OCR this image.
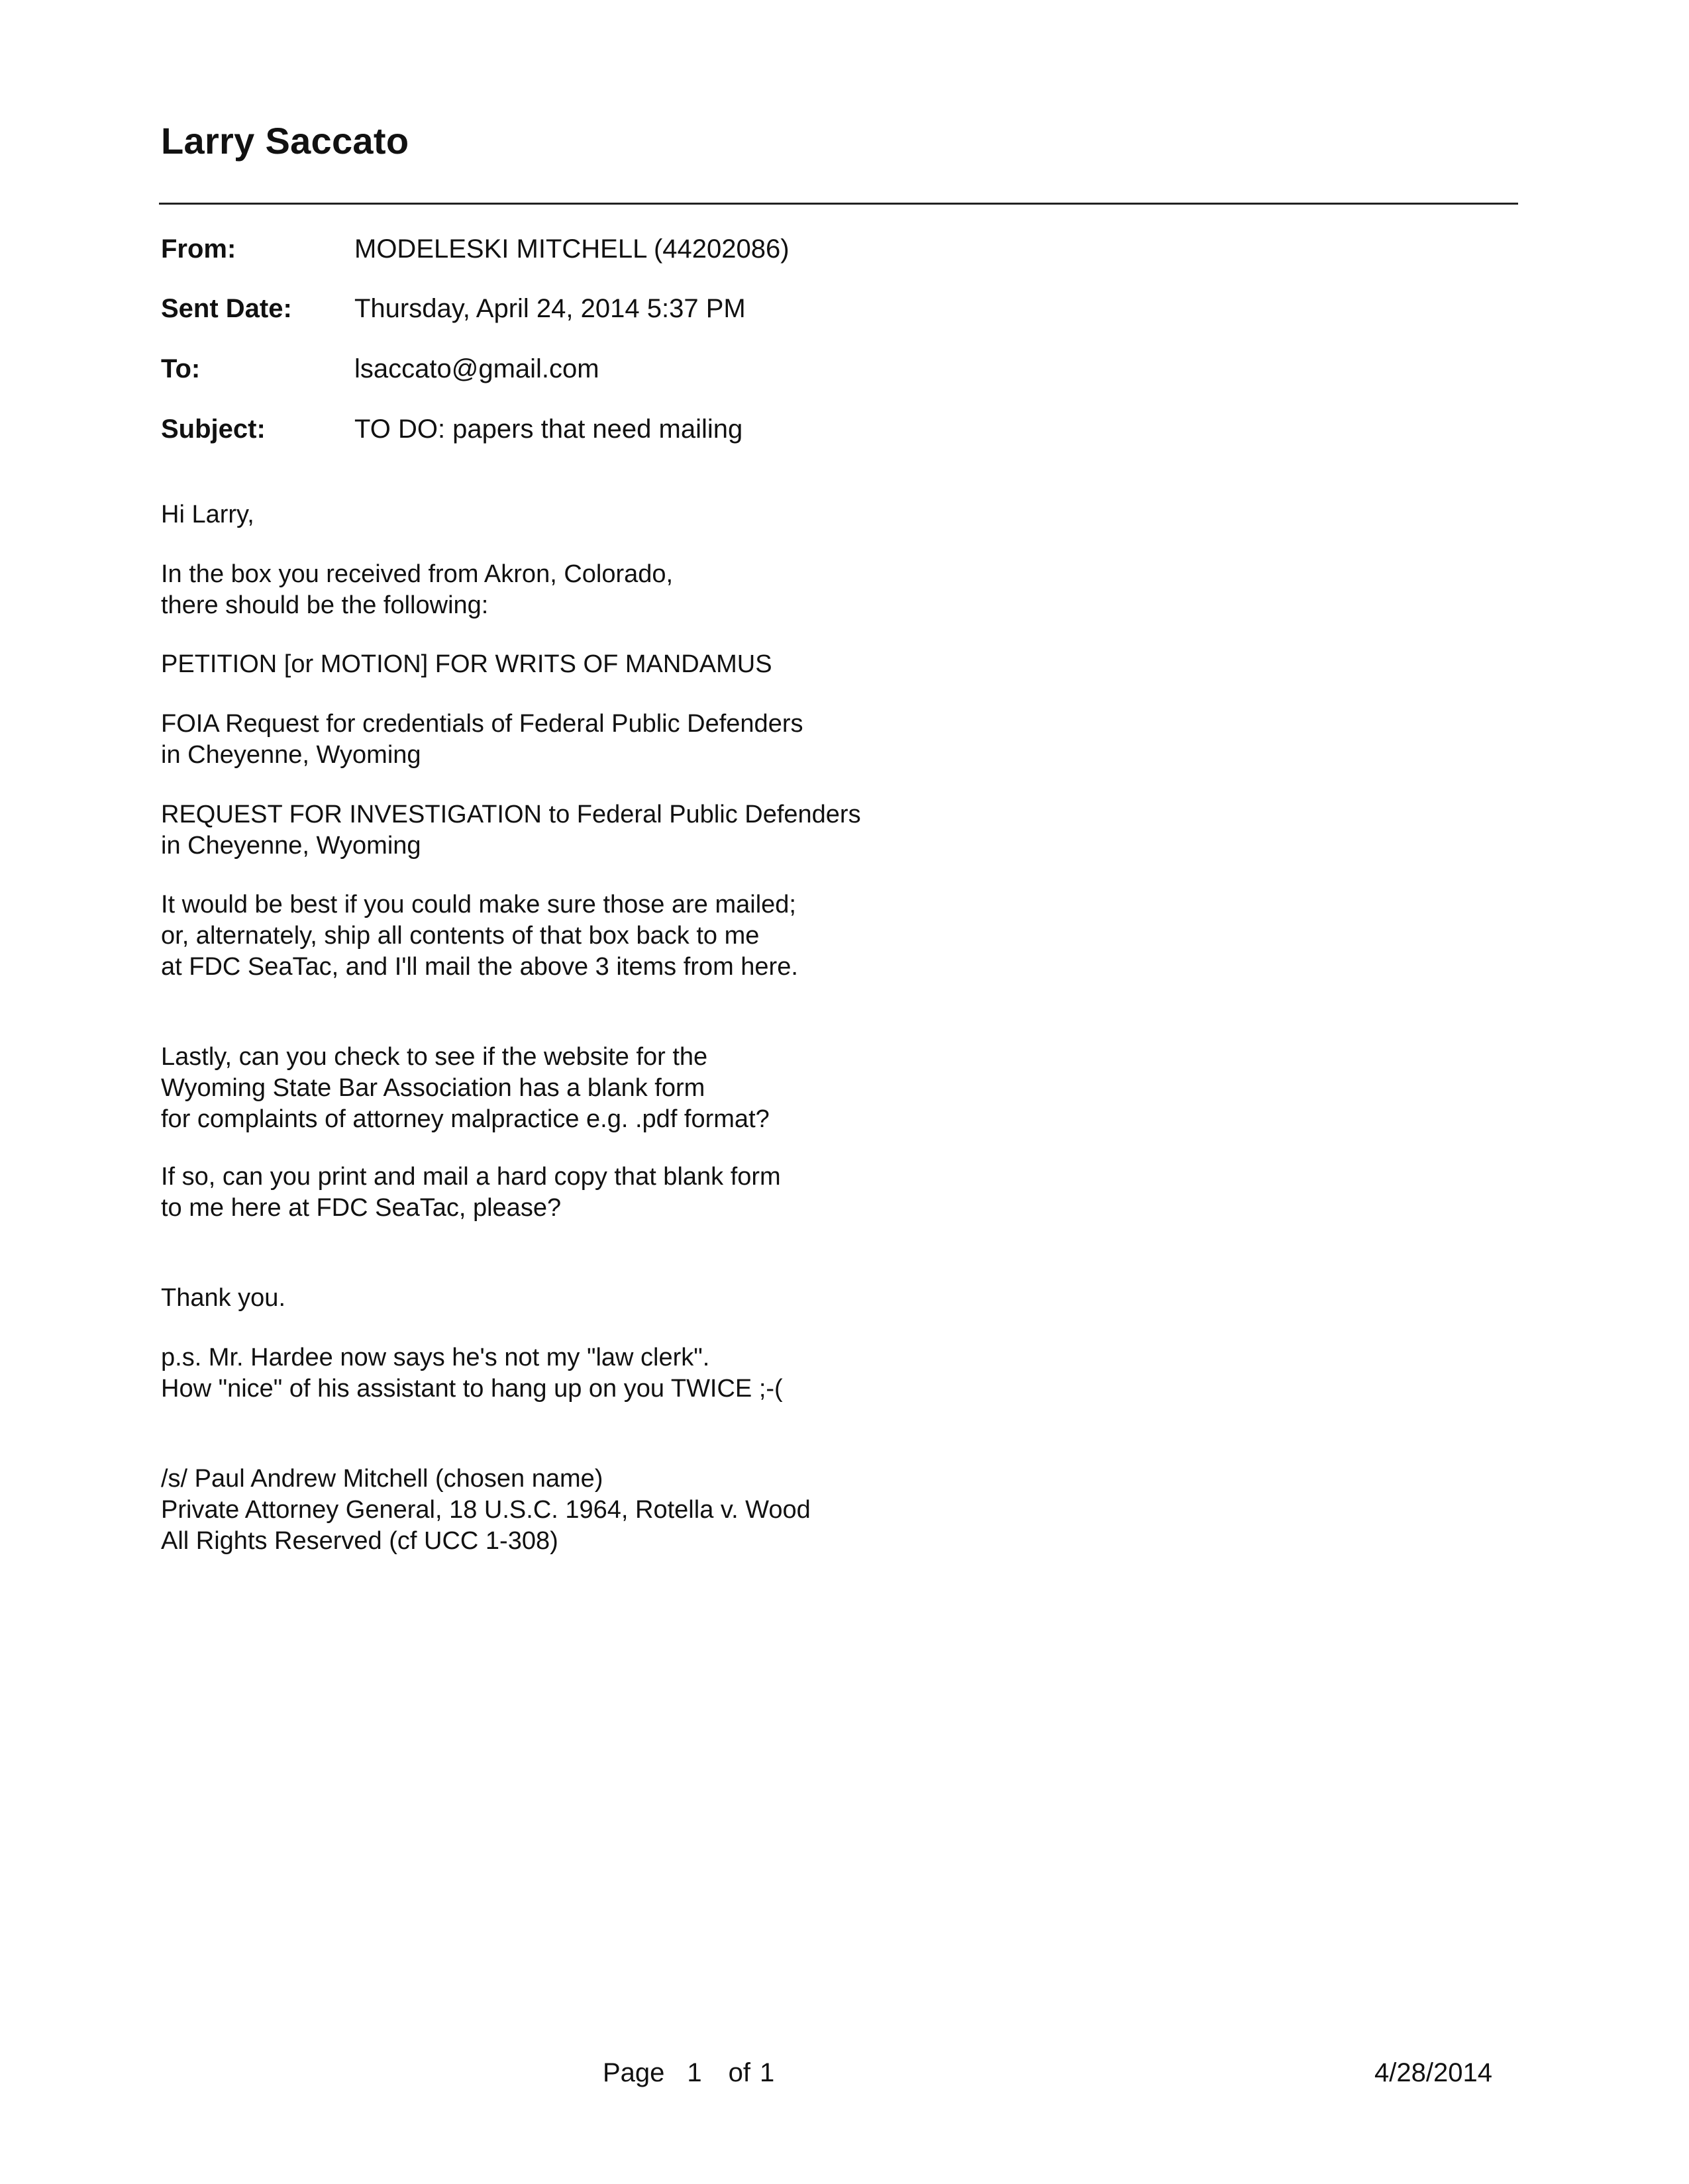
Larry Saccato
From:	MODELESKI MITCHELL (44202086)
Sent Date: Thursday, April 24, 2014 5:37 PM
To:	lsaccato@gmail.com
Subject:	TO DO: papers that need mailing
Hi Larry,
In the box you received from Akron, Colorado,
there should be the following:
PETITION [or MOTION] FOR WRITS OF MANDAMUS
FOIA Request for credentials of Federal Public Defenders
in Cheyenne, Wyoming
REQUEST FOR INVESTIGATION to Federal Public Defenders
in Cheyenne, Wyoming
It would be best if you could make sure those are mailed;
or, alternately, ship all contents of that box back to me
at FDC SeaTac, and I'll mail the above 3 items from here.
Lastly, can you check to see if the website for the
Wyoming State Bar Association has a blank form
for complaints of attorney malpractice e.g. .pdf format?
If so, can you print and mail a hard copy that blank form
to me here at FDC SeaTac, please?
Thank you.
p.s. Mr. Hardee now says he's not my "law clerk".
How "nice" of his assistant to hang up on you TWICE ;-(
/s/ Paul Andrew Mitchell (chosen name)
Private Attorney General, 18 U.S.C. 1964, Rotella v. Wood
All Rights Reserved (cf UCC 1-308)
Page 1 of 1	4/28/2014
